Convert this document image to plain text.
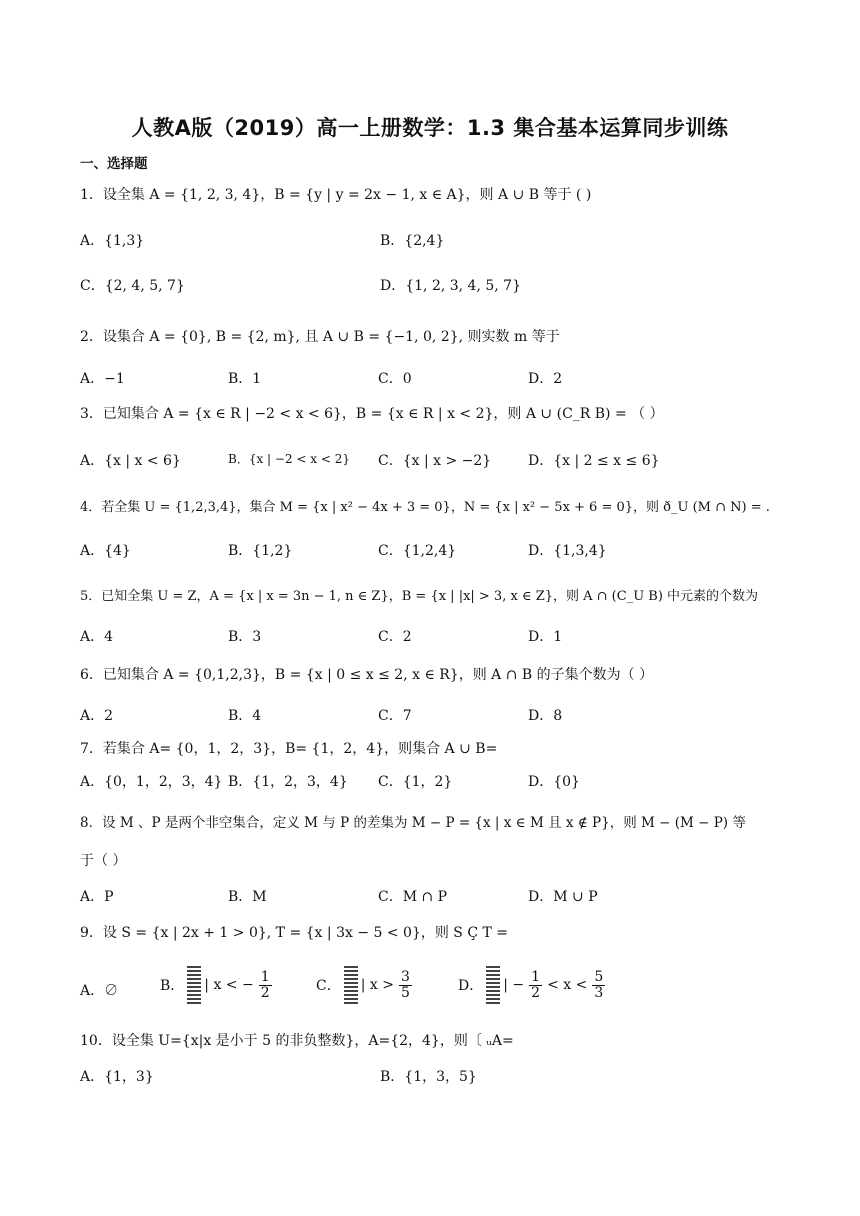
人教A版（2019）高一上册数学：1.3 集合基本运算同步训练
一、选择题
1．设全集 A = {1, 2, 3, 4}，B = {y | y = 2x − 1, x ∈ A}，则 A ∪ B 等于 ( )
A．{1,3}	B．{2,4}
C．{2, 4, 5, 7}	D．{1, 2, 3, 4, 5, 7}
2．设集合 A = {0}, B = {2, m}, 且 A ∪ B = {−1, 0, 2}, 则实数 m 等于
A．−1	B．1	C．0	D．2
3．已知集合 A = {x ∈ R | −2 < x < 6}，B = {x ∈ R | x < 2}，则 A ∪ (C_R B) = （ ）
A．{x | x < 6}	B．{x | −2 < x < 2} C．{x | x > −2}	D．{x | 2 ≤ x ≤ 6}
4．若全集 U = {1,2,3,4}，集合 M = {x | x² − 4x + 3 = 0}，N = {x | x² − 5x + 6 = 0}，则 ð_U (M ∩ N) = .
A．{4}	B．{1,2}	C．{1,2,4}	D．{1,3,4}
5．已知全集 U = Z，A = {x | x = 3n − 1, n ∈ Z}，B = {x | |x| > 3, x ∈ Z}，则 A ∩ (C_U B) 中元素的个数为
A．4	B．3	C．2	D．1
6．已知集合 A = {0,1,2,3}，B = {x | 0 ≤ x ≤ 2, x ∈ R}，则 A ∩ B 的子集个数为（ ）
A．2	B．4	C．7	D．8
7．若集合 A= {0，1，2，3}，B= {1，2，4}，则集合 A ∪ B=
A．{0，1，2，3，4} B．{1，2，3，4} C．{1，2}	D．{0}
8．设 M 、P 是两个非空集合，定义 M 与 P 的差集为 M − P = {x | x ∈ M 且 x ∉ P}，则 M − (M − P) 等
于（ ）
A．P	B．M	C．M ∩ P	D．M ∪ P
9．设 S = {x | 2x + 1 > 0}, T = {x | 3x − 5 < 0}，则 S Ç T =
A．∅	B． | x < − $\frac{1}{2}$	C． | $x > \frac{3}{5}$	D． | − $\frac{1}{2} < x < \frac{5}{3}$
10．设全集 U={x|x 是小于 5 的非负整数}，A={2，4}，则〔 ᵤA=
A．{1，3}	B．{1，3，5}
